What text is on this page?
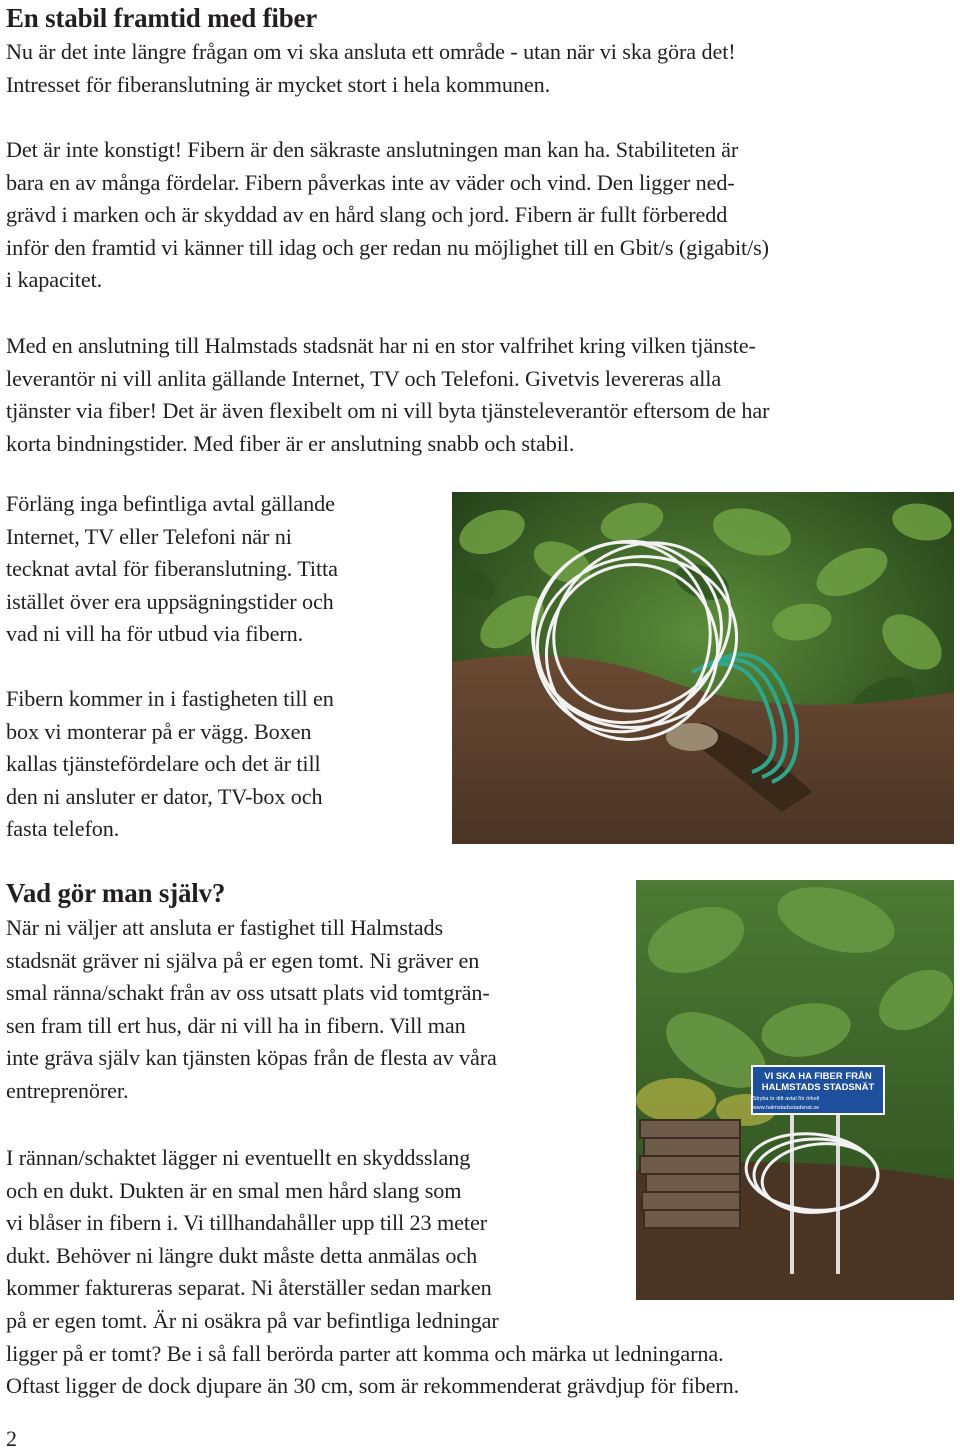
En stabil framtid med fiber
Nu är det inte längre frågan om vi ska ansluta ett område - utan när vi ska göra det!
Intresset för fiberanslutning är mycket stort i hela kommunen.
Det är inte konstigt! Fibern är den säkraste anslutningen man kan ha. Stabiliteten är
bara en av många fördelar. Fibern påverkas inte av väder och vind. Den ligger ned-
grävd i marken och är skyddad av en hård slang och jord. Fibern är fullt förberedd
inför den framtid vi känner till idag och ger redan nu möjlighet till en Gbit/s (gigabit/s)
i kapacitet.
Med en anslutning till Halmstads stadsnät har ni en stor valfrihet kring vilken tjänste-
leverantör ni vill anlita gällande Internet, TV och Telefoni. Givetvis levereras alla
tjänster via fiber! Det är även flexibelt om ni vill byta tjänsteleverantör eftersom de har
korta bindningstider. Med fiber är er anslutning snabb och stabil.
Förläng inga befintliga avtal gällande
Internet, TV eller Telefoni när ni
tecknat avtal för fiberanslutning. Titta
istället över era uppsägningstider och
vad ni vill ha för utbud via fibern.
Fibern kommer in i fastigheten till en
box vi monterar på er vägg. Boxen
kallas tjänstefördelare och det är till
den ni ansluter er dator, TV-box och
fasta telefon.
Vad gör man själv?
När ni väljer att ansluta er fastighet till Halmstads
stadsnät gräver ni själva på er egen tomt. Ni gräver en
smal ränna/schakt från av oss utsatt plats vid tomtgrän-
sen fram till ert hus, där ni vill ha in fibern. Vill man
inte gräva själv kan tjänsten köpas från de flesta av våra
entreprenörer.
I rännan/schaktet lägger ni eventuellt en skyddsslang
och en dukt. Dukten är en smal men hård slang som
vi blåser in fibern i. Vi tillhandahåller upp till 23 meter
dukt. Behöver ni längre dukt måste detta anmälas och
kommer faktureras separat. Ni återställer sedan marken
på er egen tomt. Är ni osäkra på var befintliga ledningar
ligger på er tomt? Be i så fall berörda parter att komma och märka ut ledningarna.
Oftast ligger de dock djupare än 30 cm, som är rekommenderat grävdjup för fibern.
VI SKA HA FIBER FRÅN
HALMSTADS STADSNÄT
Stryka ör ditt avtal för örkeil
www.halmstadsstadsnat.se
2
